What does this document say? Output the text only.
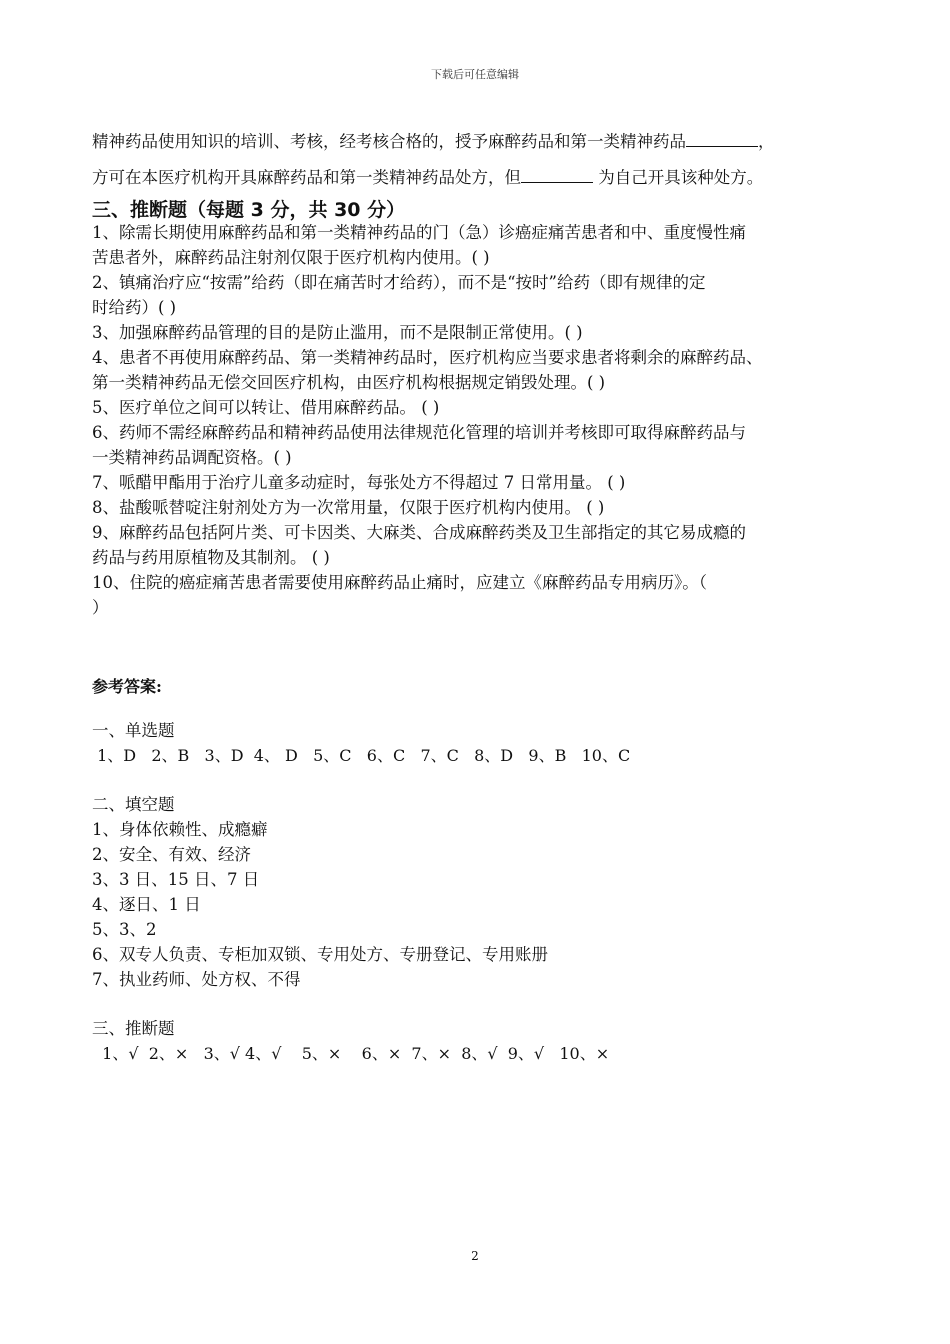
下载后可任意编辑
精神药品使用知识的培训、考核，经考核合格的，授予麻醉药品和第一类精神药品	，
方可在本医疗机构开具麻醉药品和第一类精神药品处方，但	为自己开具该种处方。
三、推断题（每题 3 分，共 30 分）
1、除需长期使用麻醉药品和第一类精神药品的门（急）诊癌症痛苦患者和中、重度慢性痛
苦患者外，麻醉药品注射剂仅限于医疗机构内使用。( )
2、镇痛治疗应“按需”给药（即在痛苦时才给药），而不是“按时”给药（即有规律的定
时给药）( )
3、加强麻醉药品管理的目的是防止滥用，而不是限制正常使用。( )
4、患者不再使用麻醉药品、第一类精神药品时，医疗机构应当要求患者将剩余的麻醉药品、
第一类精神药品无偿交回医疗机构，由医疗机构根据规定销毁处理。( )
5、医疗单位之间可以转让、借用麻醉药品。 ( )
6、药师不需经麻醉药品和精神药品使用法律规范化管理的培训并考核即可取得麻醉药品与
一类精神药品调配资格。( )
7、哌醋甲酯用于治疗儿童多动症时，每张处方不得超过 7 日常用量。 ( )
8、盐酸哌替啶注射剂处方为一次常用量，仅限于医疗机构内使用。 ( )
9、麻醉药品包括阿片类、可卡因类、大麻类、合成麻醉药类及卫生部指定的其它易成瘾的
药品与药用原植物及其制剂。 ( )
10、住院的癌症痛苦患者需要使用麻醉药品止痛时，应建立《麻醉药品专用病历》。（
）
参考答案:
一、单选题
1、D   2、B   3、D  4、 D   5、C   6、C   7、C   8、D   9、B   10、C
二、填空题
1、身体依赖性、成瘾癖
2、安全、有效、经济
3、3 日、15 日、7 日
4、逐日、1 日
5、3、2
6、双专人负责、专柜加双锁、专用处方、专册登记、专用账册
7、执业药师、处方权、不得
三、推断题
1、√  2、×   3、√ 4、√    5、×    6、×  7、×  8、√  9、√   10、×
2
